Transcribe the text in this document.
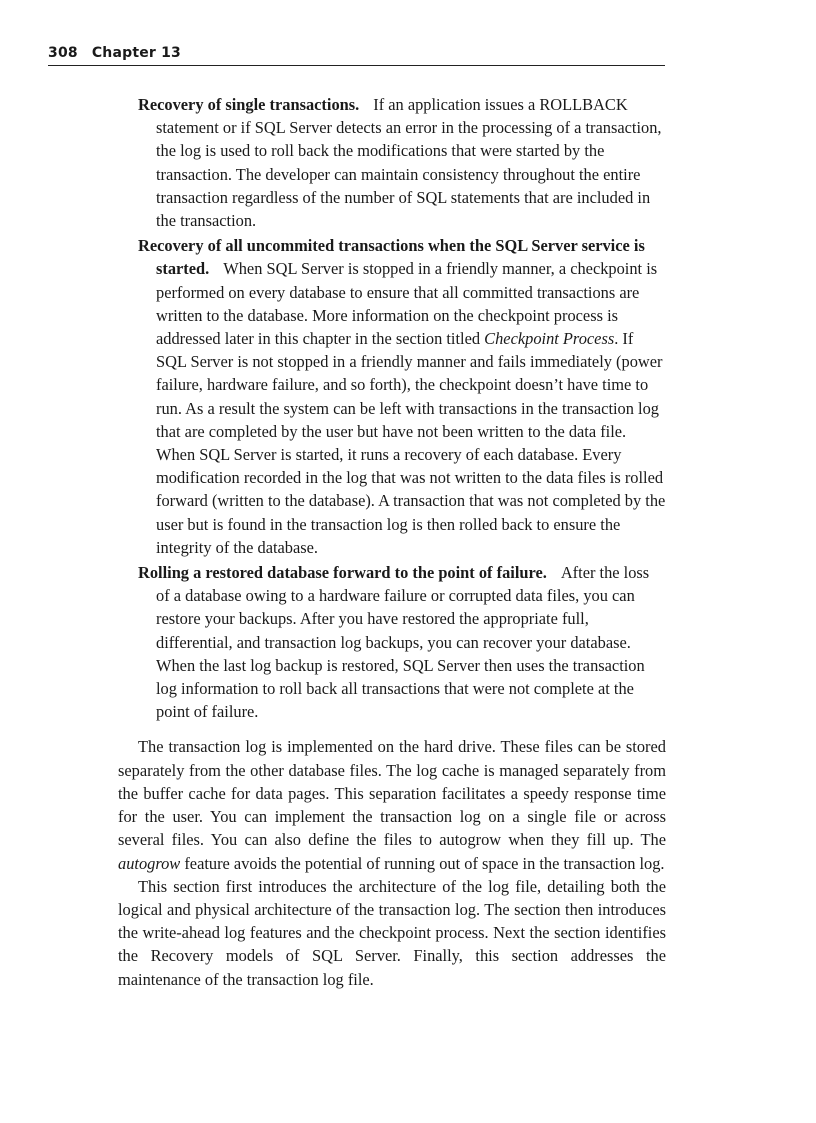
308 Chapter 13
Recovery of single transactions. If an application issues a ROLLBACK statement or if SQL Server detects an error in the processing of a transaction, the log is used to roll back the modifications that were started by the transaction. The developer can maintain consistency throughout the entire transaction regardless of the number of SQL statements that are included in the transaction.
Recovery of all uncommited transactions when the SQL Server service is started. When SQL Server is stopped in a friendly manner, a checkpoint is performed on every database to ensure that all committed transactions are written to the database. More information on the checkpoint process is addressed later in this chapter in the section titled Checkpoint Process. If SQL Server is not stopped in a friendly manner and fails immediately (power failure, hardware failure, and so forth), the checkpoint doesn’t have time to run. As a result the system can be left with transactions in the transaction log that are completed by the user but have not been written to the data file. When SQL Server is started, it runs a recovery of each database. Every modification recorded in the log that was not written to the data files is rolled forward (written to the database). A transaction that was not completed by the user but is found in the transaction log is then rolled back to ensure the integrity of the database.
Rolling a restored database forward to the point of failure. After the loss of a database owing to a hardware failure or corrupted data files, you can restore your backups. After you have restored the appropriate full, differential, and transaction log backups, you can recover your database. When the last log backup is restored, SQL Server then uses the transaction log information to roll back all transactions that were not complete at the point of failure.

The transaction log is implemented on the hard drive. These files can be stored separately from the other database files. The log cache is managed separately from the buffer cache for data pages. This separation facilitates a speedy response time for the user. You can implement the transaction log on a single file or across several files. You can also define the files to autogrow when they fill up. The autogrow feature avoids the potential of running out of space in the transaction log.

This section first introduces the architecture of the log file, detailing both the logical and physical architecture of the transaction log. The section then introduces the write-ahead log features and the checkpoint process. Next the section identifies the Recovery models of SQL Server. Finally, this section addresses the maintenance of the transaction log file.
